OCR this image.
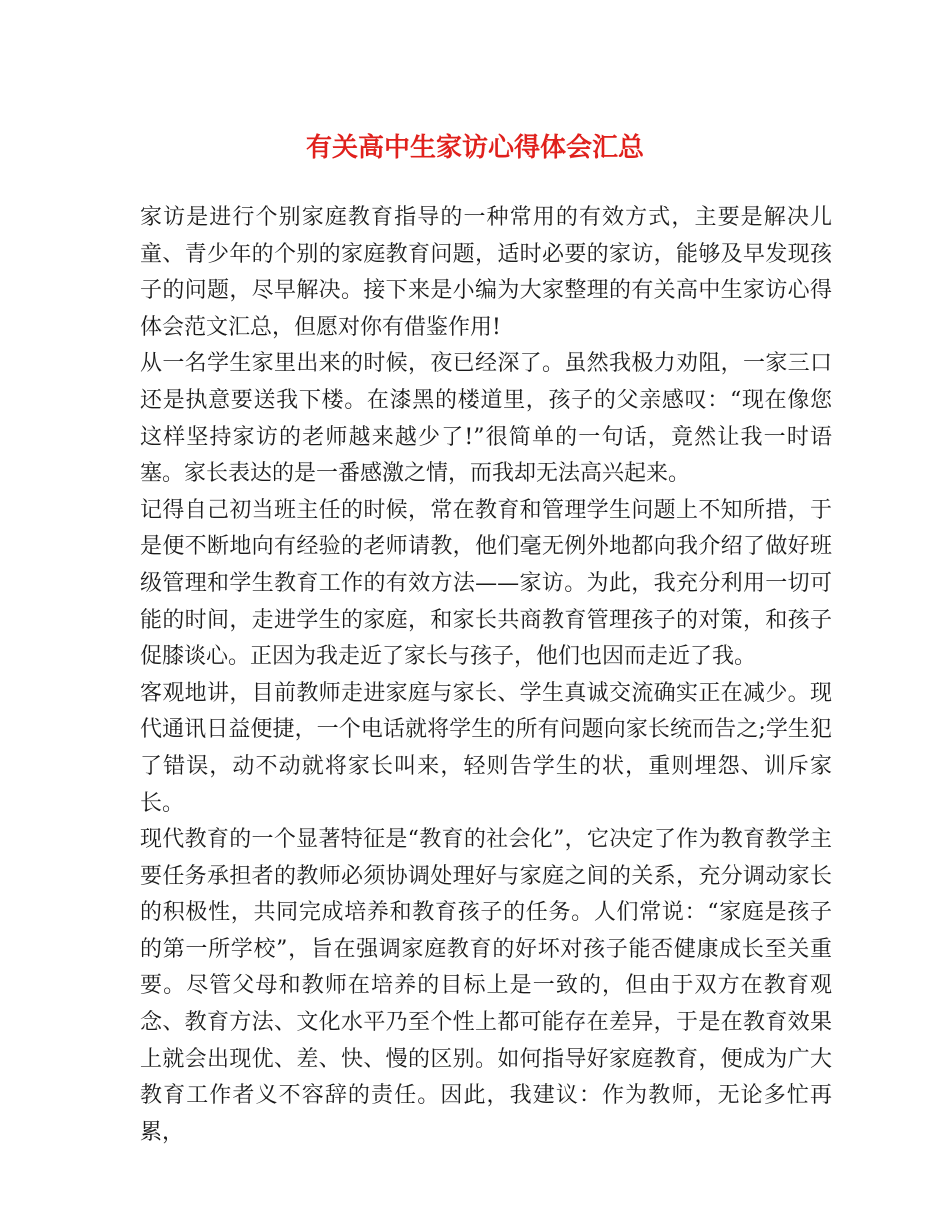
有关高中生家访心得体会汇总

家访是进行个别家庭教育指导的一种常用的有效方式，主要是解决儿童、青少年的个别的家庭教育问题，适时必要的家访，能够及早发现孩子的问题，尽早解决。接下来是小编为大家整理的有关高中生家访心得体会范文汇总，但愿对你有借鉴作用!

从一名学生家里出来的时候，夜已经深了。虽然我极力劝阻，一家三口还是执意要送我下楼。在漆黑的楼道里，孩子的父亲感叹：“现在像您这样坚持家访的老师越来越少了!”很简单的一句话，竟然让我一时语塞。家长表达的是一番感激之情，而我却无法高兴起来。

记得自己初当班主任的时候，常在教育和管理学生问题上不知所措，于是便不断地向有经验的老师请教，他们毫无例外地都向我介绍了做好班级管理和学生教育工作的有效方法——家访。为此，我充分利用一切可能的时间，走进学生的家庭，和家长共商教育管理孩子的对策，和孩子促膝谈心。正因为我走近了家长与孩子，他们也因而走近了我。

客观地讲，目前教师走进家庭与家长、学生真诚交流确实正在减少。现代通讯日益便捷，一个电话就将学生的所有问题向家长统而告之;学生犯了错误，动不动就将家长叫来，轻则告学生的状，重则埋怨、训斥家长。

现代教育的一个显著特征是“教育的社会化”，它决定了作为教育教学主要任务承担者的教师必须协调处理好与家庭之间的关系，充分调动家长的积极性，共同完成培养和教育孩子的任务。人们常说：“家庭是孩子的第一所学校”，旨在强调家庭教育的好坏对孩子能否健康成长至关重要。尽管父母和教师在培养的目标上是一致的，但由于双方在教育观念、教育方法、文化水平乃至个性上都可能存在差异，于是在教育效果上就会出现优、差、快、慢的区别。如何指导好家庭教育，便成为广大教育工作者义不容辞的责任。因此，我建议：作为教师，无论多忙再累，
